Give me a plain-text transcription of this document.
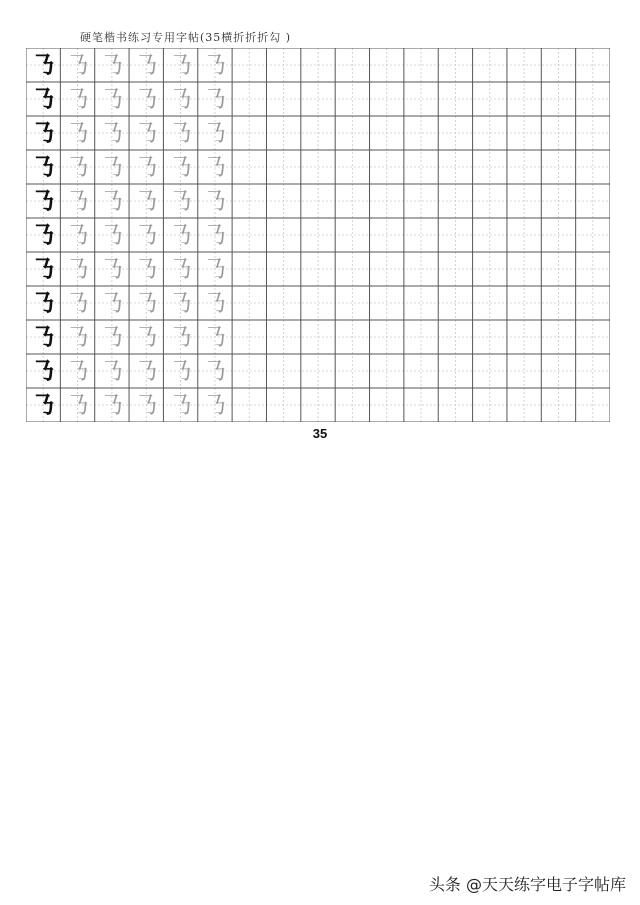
硬笔楷书练习专用字帖(35横折折折勾 )
㇡ ㇡ ㇡ ㇡ ㇡ ㇡
㇡ ㇡ ㇡ ㇡ ㇡ ㇡
㇡ ㇡ ㇡ ㇡ ㇡ ㇡
㇡ ㇡ ㇡ ㇡ ㇡ ㇡
㇡ ㇡ ㇡ ㇡ ㇡ ㇡
㇡ ㇡ ㇡ ㇡ ㇡ ㇡
㇡ ㇡ ㇡ ㇡ ㇡ ㇡
㇡ ㇡ ㇡ ㇡ ㇡ ㇡
㇡ ㇡ ㇡ ㇡ ㇡ ㇡
㇡ ㇡ ㇡ ㇡ ㇡ ㇡
㇡ ㇡ ㇡ ㇡ ㇡ ㇡
35
头条 @天天练字电子字帖库
